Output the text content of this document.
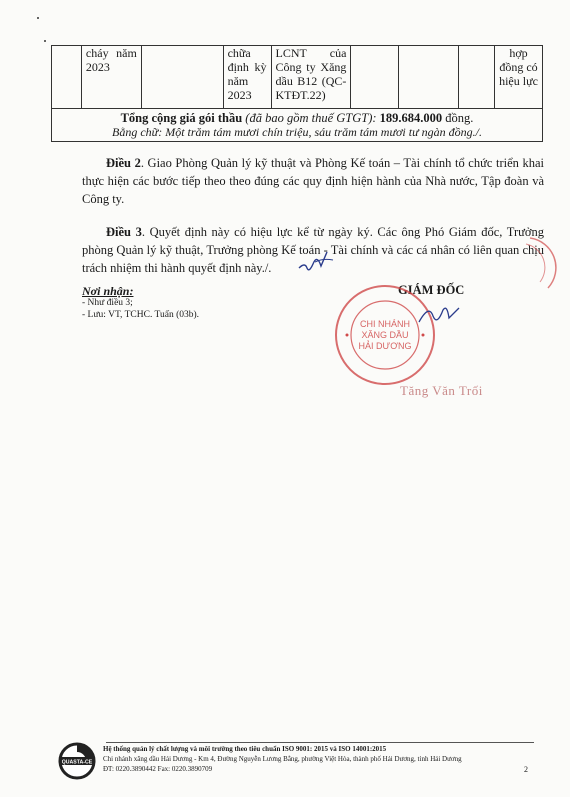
	cháy năm 2023		chữa định kỳ năm 2023	LCNT của Công ty Xăng dầu B12 (QC-KTĐT.22)				hợp đồng có hiệu lực

Tổng cộng giá gói thầu (đã bao gồm thuế GTGT): 189.684.000 đồng.
Bằng chữ: Một trăm tám mươi chín triệu, sáu trăm tám mươi tư ngàn đồng./.

Điều 2. Giao Phòng Quản lý kỹ thuật và Phòng Kế toán – Tài chính tổ chức triển khai thực hiện các bước tiếp theo theo đúng các quy định hiện hành của Nhà nước, Tập đoàn và Công ty.

Điều 3. Quyết định này có hiệu lực kể từ ngày ký. Các ông Phó Giám đốc, Trưởng phòng Quản lý kỹ thuật, Trưởng phòng Kế toán - Tài chính và các cá nhân có liên quan chịu trách nhiệm thi hành quyết định này./.

Nơi nhận:
- Như điều 3;
- Lưu: VT, TCHC. Tuấn (03b).
GIÁM ĐỐC
CHI NHÁNH
XĂNG DẦU
HẢI DƯƠNG
Tăng Văn Trối
QUASTA-CE
Hệ thống quản lý chất lượng và môi trường theo tiêu chuẩn ISO 9001: 2015 và ISO 14001:2015
Chi nhánh xăng dầu Hải Dương - Km 4, Đường Nguyễn Lương Bằng, phường Việt Hòa, thành phố Hải Dương, tỉnh Hải Dương
ĐT: 0220.3890442 Fax: 0220.3890709	2
